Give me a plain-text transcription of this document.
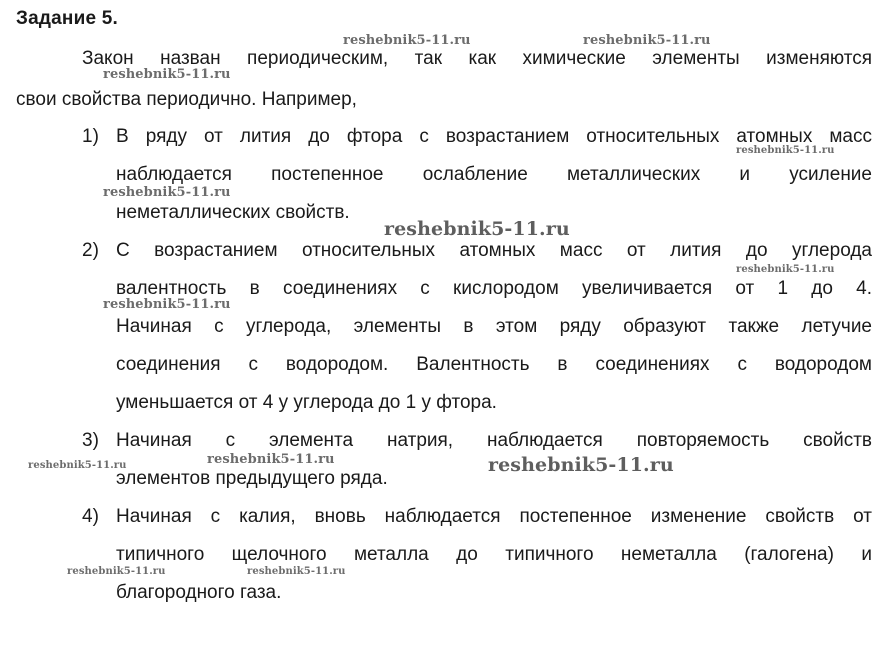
Задание 5.
Закон назван периодическим, так как химические элементы изменяются
свои свойства периодично. Например,
1) В ряду от лития до фтора с возрастанием относительных атомных масс
наблюдается постепенное ослабление металлических и усиление
неметаллических свойств.
2) С возрастанием относительных атомных масс от лития до углерода
валентность в соединениях с кислородом увеличивается от 1 до 4.
Начиная с углерода, элементы в этом ряду образуют также летучие
соединения с водородом. Валентность в соединениях с водородом
уменьшается от 4 у углерода до 1 у фтора.
3) Начиная с элемента натрия, наблюдается повторяемость свойств
элементов предыдущего ряда.
4) Начиная с калия, вновь наблюдается постепенное изменение свойств от
типичного щелочного металла до типичного неметалла (галогена) и
благородного газа.
reshebnik5-11.ru	reshebnik5-11.ru
reshebnik5-11.ru
reshebnik5-11.ru
reshebnik5-11.ru
reshebnik5-11.ru
reshebnik5-11.ru
reshebnik5-11.ru
reshebnik5-11.ru	reshebnik5-11.ru	reshebnik5-11.ru
reshebnik5-11.ru	reshebnik5-11.ru
